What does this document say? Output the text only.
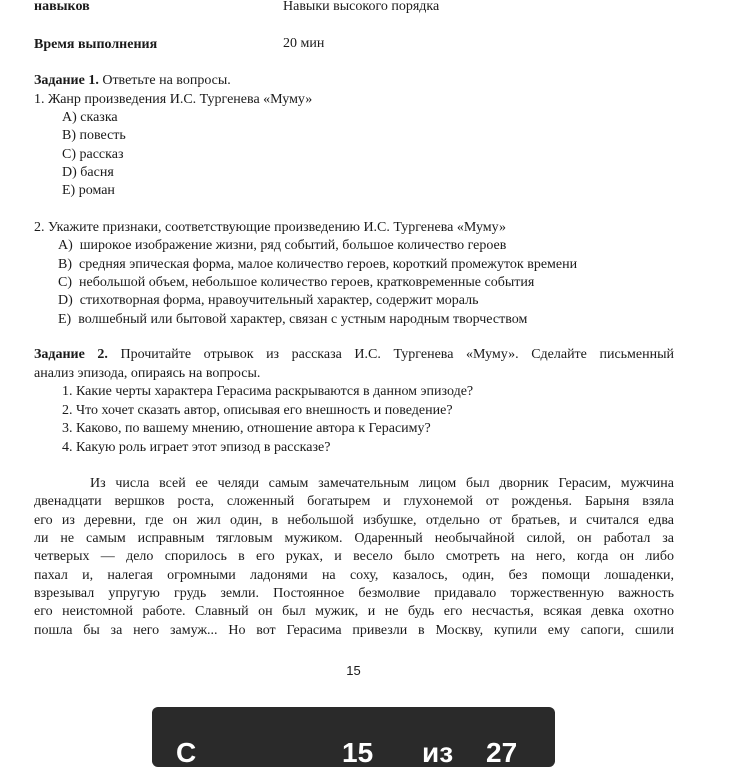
навыков	Навыки высокого порядка
Время выполнения	20 мин
Задание 1. Ответьте на вопросы.
1. Жанр произведения И.С. Тургенева «Муму»
А) сказка
В) повесть
С) рассказ
D) басня
Е) роман
2. Укажите признаки, соответствующие произведению И.С. Тургенева «Муму»
А) широкое изображение жизни, ряд событий, большое количество героев
В) средняя эпическая форма, малое количество героев, короткий промежуток времени
С) небольшой объем, небольшое количество героев, кратковременные события
D) стихотворная форма, нравоучительный характер, содержит мораль
Е) волшебный или бытовой характер, связан с устным народным творчеством
Задание 2. Прочитайте отрывок из рассказа И.С. Тургенева «Муму». Сделайте письменный
анализ эпизода, опираясь на вопросы.
1. Какие черты характера Герасима раскрываются в данном эпизоде?
2. Что хочет сказать автор, описывая его внешность и поведение?
3. Каково, по вашему мнению, отношение автора к Герасиму?
4. Какую роль играет этот эпизод в рассказе?
Из числа всей ее челяди самым замечательным лицом был дворник Герасим, мужчина
двенадцати вершков роста, сложенный богатырем и глухонемой от рожденья. Барыня взяла
его из деревни, где он жил один, в небольшой избушке, отдельно от братьев, и считался едва
ли не самым исправным тягловым мужиком. Одаренный необычайной силой, он работал за
четверых — дело спорилось в его руках, и весело было смотреть на него, когда он либо
пахал и, налегая огромными ладонями на соху, казалось, один, без помощи лошаденки,
взрезывал упругую грудь земли. Постоянное безмолвие придавало торжественную важность
его неистомной работе. Славный он был мужик, и не будь его несчастья, всякая девка охотно
пошла бы за него замуж... Но вот Герасима привезли в Москву, купили ему сапоги, сшили
15
С	15 из 27
